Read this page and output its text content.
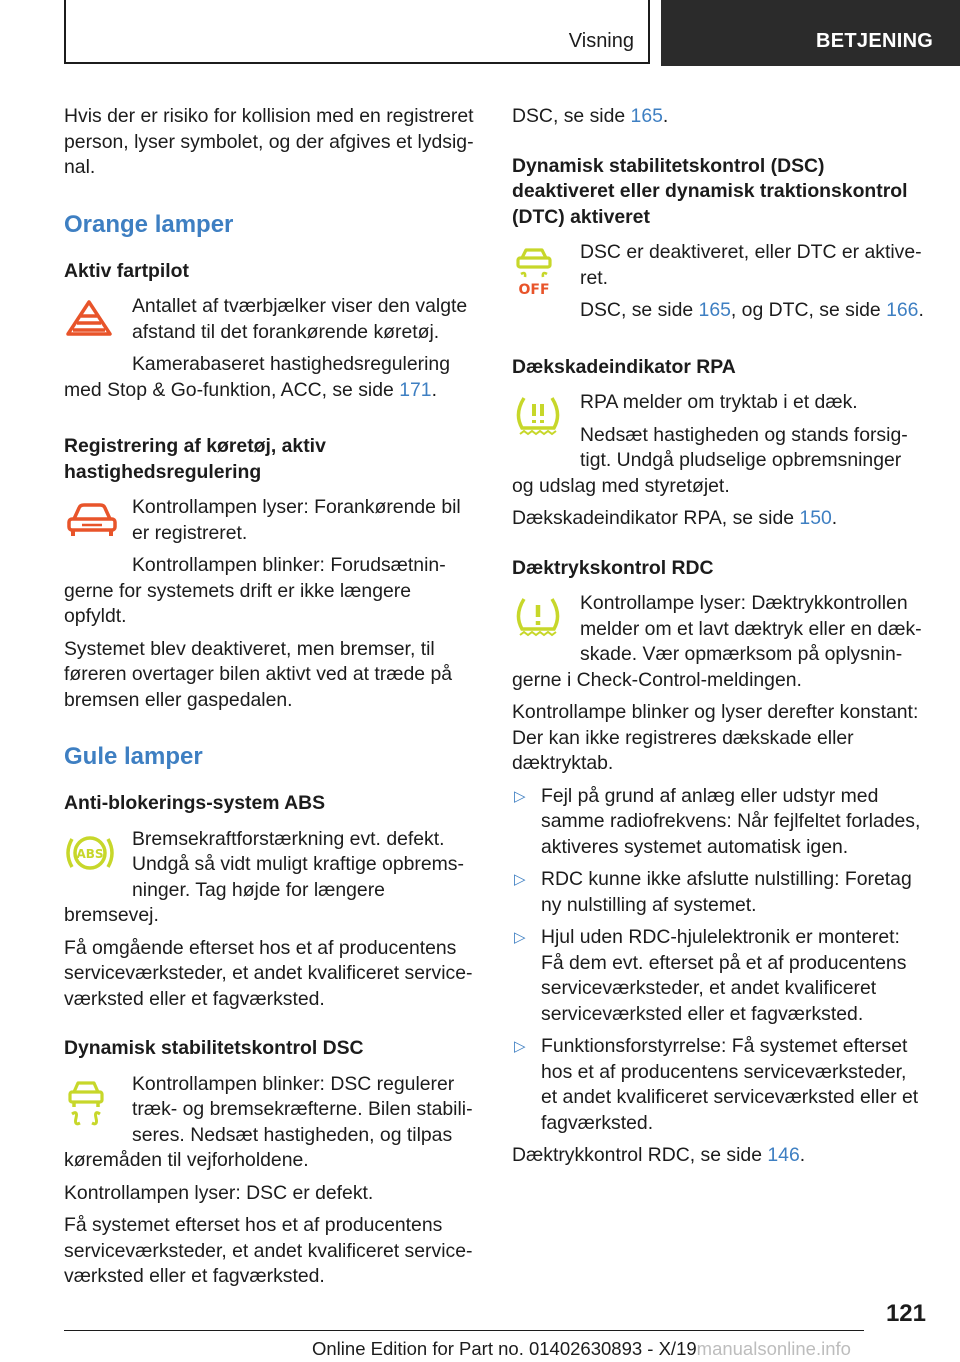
Visning	BETJENING

Hvis der er risiko for kollision med en registreret person, lyser symbolet, og der afgives et lydsignal.

Orange lamper
Aktiv fartpilot

Antallet af tværbjælker viser den valgte afstand til det forankørende køretøj.

Kamerabaseret hastighedsregulering med Stop & Go-funktion, ACC, se side 171.

Registrering af køretøj, aktiv hastighedsregulering

Kontrollampen lyser: Forankørende bil er registreret.

Kontrollampen blinker: Forudsætningerne for systemets drift er ikke længere opfyldt.

Systemet blev deaktiveret, men bremser, til føreren overtager bilen aktivt ved at træde på bremsen eller gaspedalen.

Gule lamper
Anti-blokerings-system ABS
ABS

Bremsekraftforstærkning evt. defekt. Undgå så vidt muligt kraftige opbremsninger. Tag højde for længere bremsevej.

Få omgående efterset hos et af producentens serviceværksteder, et andet kvalificeret serviceværksted eller et fagværksted.

Dynamisk stabilitetskontrol DSC

Kontrollampen blinker: DSC regulerer træk- og bremsekræfterne. Bilen stabiliseres. Nedsæt hastigheden, og tilpas køremåden til vejforholdene.

Kontrollampen lyser: DSC er defekt.

Få systemet efterset hos et af producentens serviceværksteder, et andet kvalificeret serviceværksted eller et fagværksted.

DSC, se side 165.

Dynamisk stabilitetskontrol (DSC) deaktiveret eller dynamisk traktionskontrol (DTC) aktiveret
OFF

DSC er deaktiveret, eller DTC er aktiveret.

DSC, se side 165, og DTC, se side 166.

Dækskadeindikator RPA

RPA melder om tryktab i et dæk.

Nedsæt hastigheden og stands forsigtigt. Undgå pludselige opbremsninger og udslag med styretøjet.

Dækskadeindikator RPA, se side 150.

Dæktrykskontrol RDC

Kontrollampe lyser: Dæktrykkontrollen melder om et lavt dæktryk eller en dækskade. Vær opmærksom på oplysningerne i Check-Control-meldingen.

Kontrollampe blinker og lyser derefter konstant: Der kan ikke registreres dækskade eller dæktryktab.

▷ Fejl på grund af anlæg eller udstyr med samme radiofrekvens: Når fejlfeltet forlades, aktiveres systemet automatisk igen.
▷ RDC kunne ikke afslutte nulstilling: Foretag ny nulstilling af systemet.
▷ Hjul uden RDC-hjulelektronik er monteret: Få dem evt. efterset på et af producentens serviceværksteder, et andet kvalificeret serviceværksted eller et fagværksted.
▷ Funktionsforstyrrelse: Få systemet efterset hos et af producentens serviceværksteder, et andet kvalificeret serviceværksted eller et fagværksted.

Dæktrykkontrol RDC, se side 146.

121
Online Edition for Part no. 01402630893 - X/19manualsonline.info
